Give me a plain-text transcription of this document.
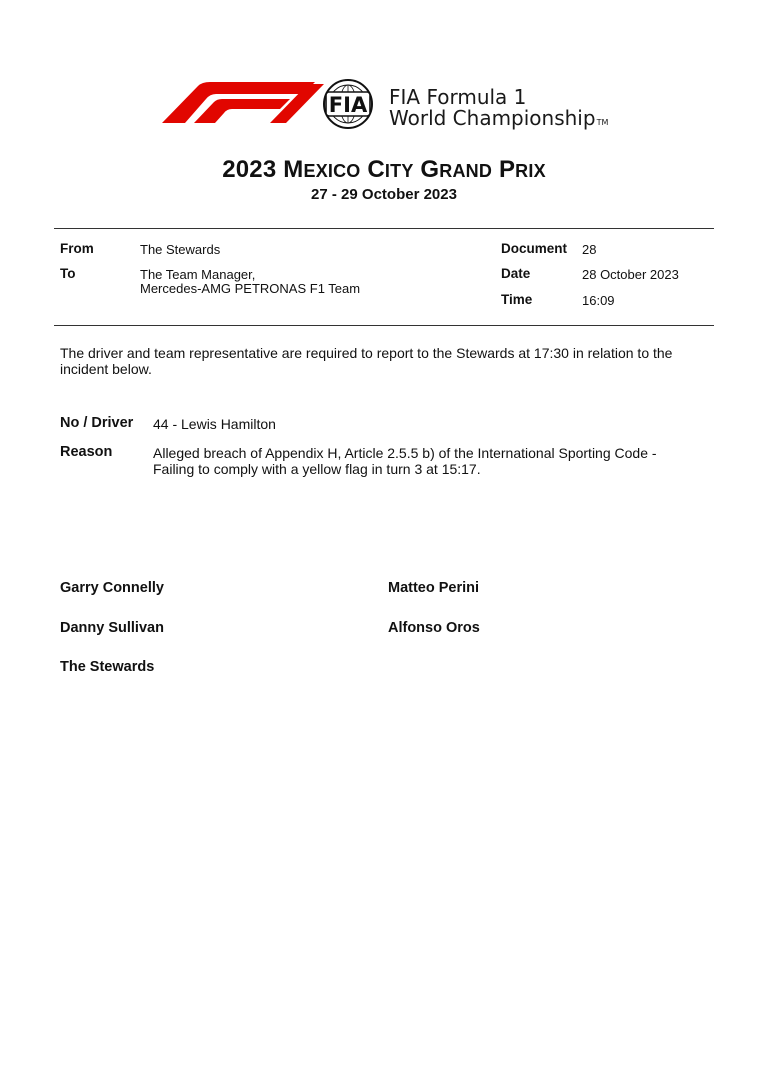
FIA FIA Formula 1
World ChampionshipTM
2023 MEXICO CITY GRAND PRIX
27 - 29 October 2023
From	The Stewards
To	The Team Manager,
Mercedes-AMG PETRONAS F1 Team
Document 28
Date	28 October 2023
Time	16:09
The driver and team representative are required to report to the Stewards at 17:30 in relation to the incident below.
No / Driver 44 - Lewis Hamilton
Reason	Alleged breach of Appendix H, Article 2.5.5 b) of the International Sporting Code - Failing to comply with a yellow flag in turn 3 at 15:17.
Garry Connelly	Matteo Perini
Danny Sullivan	Alfonso Oros
The Stewards
